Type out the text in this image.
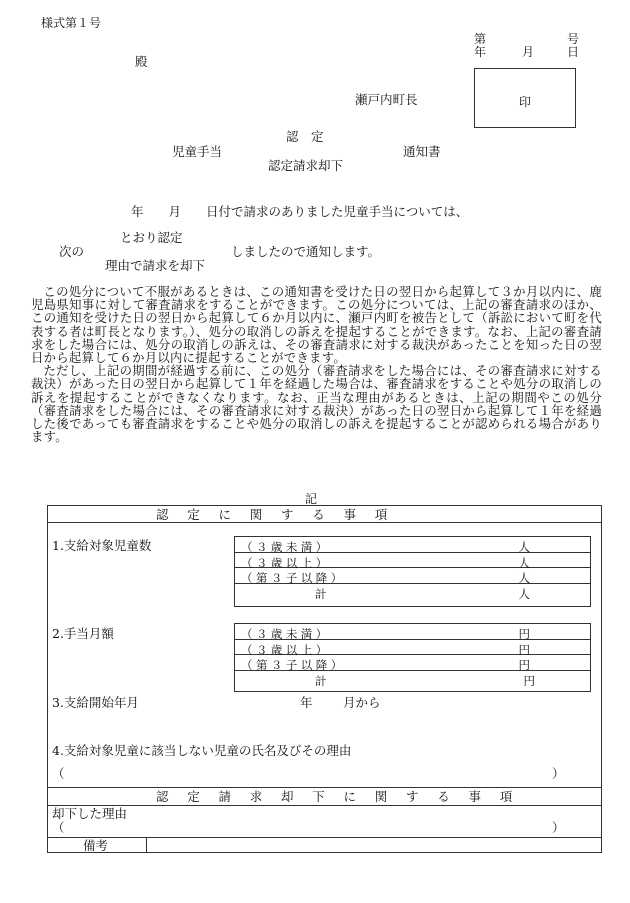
様式第１号
第	号
年	月	日
殿
瀬戸内町長	印
認　定
児童手当	通知書
認定請求却下
年　　月　　日付で請求のありました児童手当については、
とおり認定
次の	しましたので通知します。
理由で請求を却下

この処分について不服があるときは、この通知書を受けた日の翌日から起算して３か月以内に、鹿児島県知事に対して審査請求をすることができます。この処分については、上記の審査請求のほか、この通知を受けた日の翌日から起算して６か月以内に、瀬戸内町を被告として（訴訟において町を代表する者は町長となります。）、処分の取消しの訴えを提起することができます。なお、上記の審査請求をした場合には、処分の取消しの訴えは、その審査請求に対する裁決があったことを知った日の翌日から起算して６か月以内に提起することができます。

ただし、上記の期間が経過する前に、この処分（審査請求をした場合には、その審査請求に対する裁決）があった日の翌日から起算して１年を経過した場合は、審査請求をすることや処分の取消しの訴えを提起することができなくなります。なお、正当な理由があるときは、上記の期間やこの処分（審査請求をした場合には、その審査請求に対する裁決）があった日の翌日から起算して１年を経過した後であっても審査請求をすることや処分の取消しの訴えを提起することが認められる場合があります。

記
認　定　に　関　す　る　事　項
1.支給対象児童数	（３歳未満）	人
（３歳以上）	人
（第３子以降）	人
計	人
2.手当月額	（３歳未満）	円
（３歳以上）	円
（第３子以降）	円
計	円
3.支給開始年月	年 月から
4.支給対象児童に該当しない児童の氏名及びその理由
（	）
認　定　請　求　却　下　に　関　す　る　事　項
却下した理由
（	）
備考
